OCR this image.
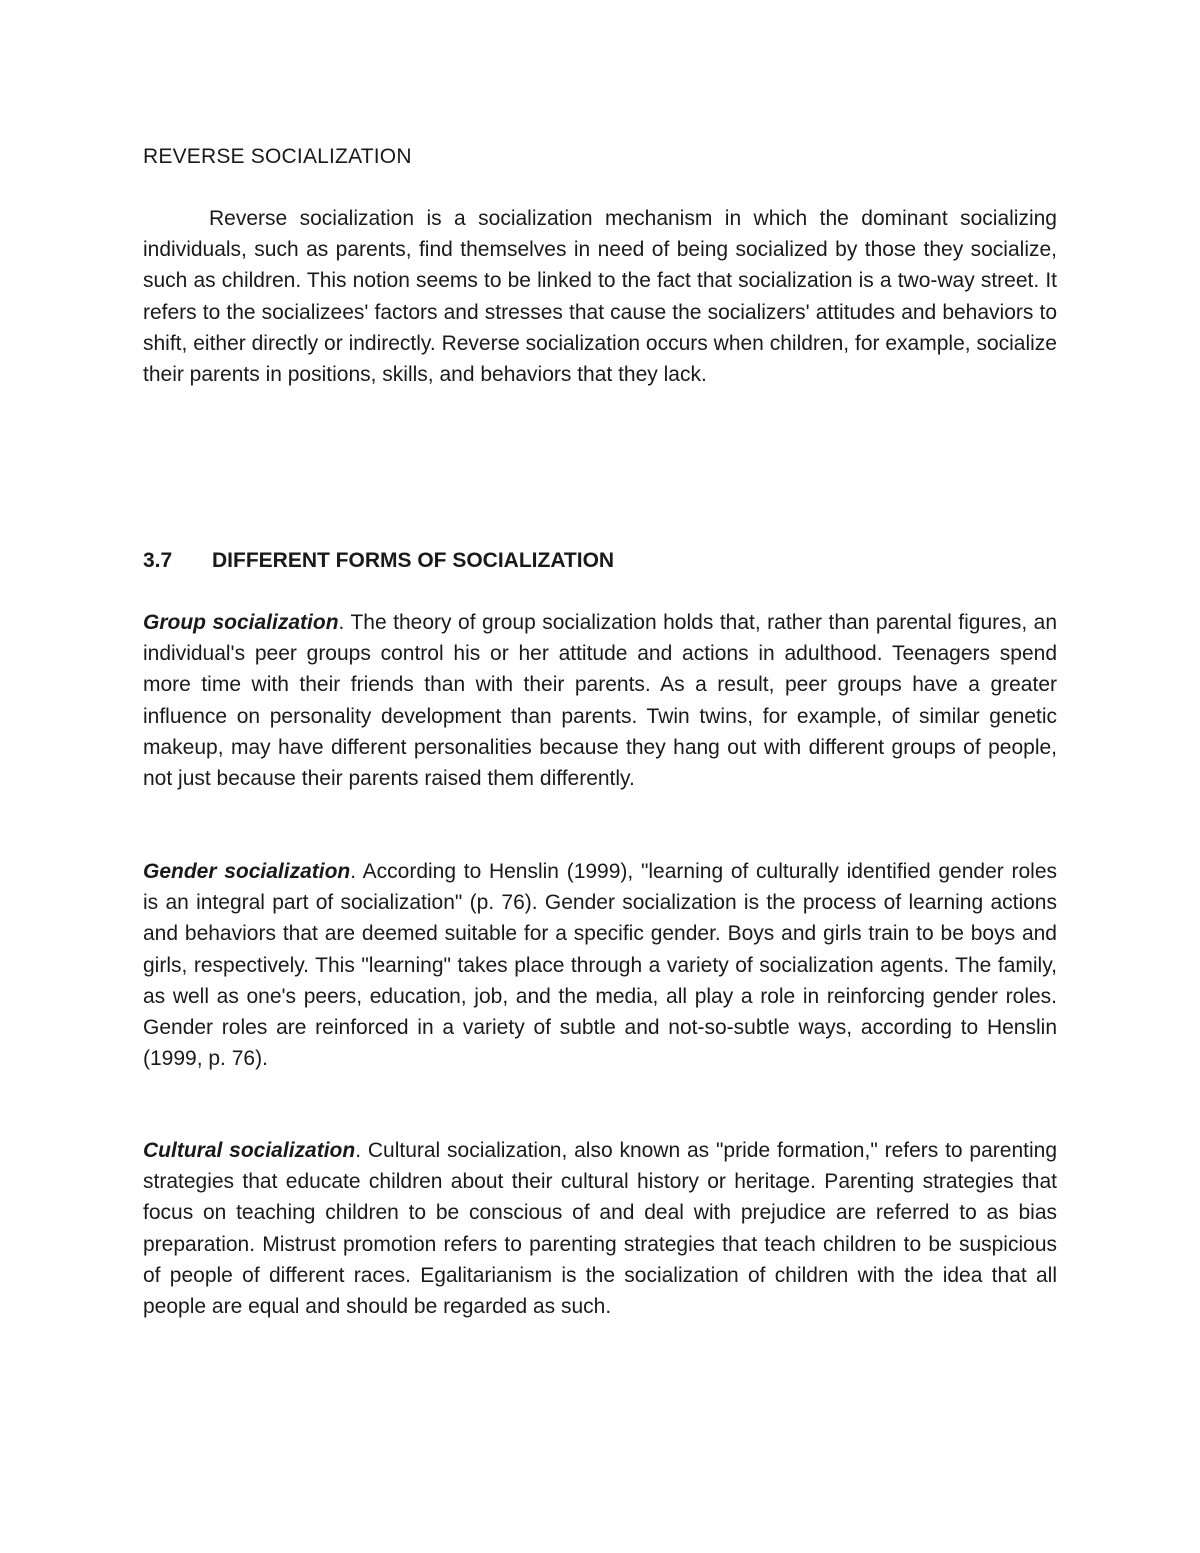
REVERSE SOCIALIZATION

Reverse socialization is a socialization mechanism in which the dominant socializing individuals, such as parents, find themselves in need of being socialized by those they socialize, such as children. This notion seems to be linked to the fact that socialization is a two-way street. It refers to the socializees' factors and stresses that cause the socializers' attitudes and behaviors to shift, either directly or indirectly. Reverse socialization occurs when children, for example, socialize their parents in positions, skills, and behaviors that they lack.

3.7 DIFFERENT FORMS OF SOCIALIZATION

Group socialization. The theory of group socialization holds that, rather than parental figures, an individual's peer groups control his or her attitude and actions in adulthood. Teenagers spend more time with their friends than with their parents. As a result, peer groups have a greater influence on personality development than parents. Twin twins, for example, of similar genetic makeup, may have different personalities because they hang out with different groups of people, not just because their parents raised them differently.

Gender socialization. According to Henslin (1999), "learning of culturally identified gender roles is an integral part of socialization" (p. 76). Gender socialization is the process of learning actions and behaviors that are deemed suitable for a specific gender. Boys and girls train to be boys and girls, respectively. This "learning" takes place through a variety of socialization agents. The family, as well as one's peers, education, job, and the media, all play a role in reinforcing gender roles. Gender roles are reinforced in a variety of subtle and not-so-subtle ways, according to Henslin (1999, p. 76).

Cultural socialization. Cultural socialization, also known as "pride formation," refers to parenting strategies that educate children about their cultural history or heritage. Parenting strategies that focus on teaching children to be conscious of and deal with prejudice are referred to as bias preparation. Mistrust promotion refers to parenting strategies that teach children to be suspicious of people of different races. Egalitarianism is the socialization of children with the idea that all people are equal and should be regarded as such.
